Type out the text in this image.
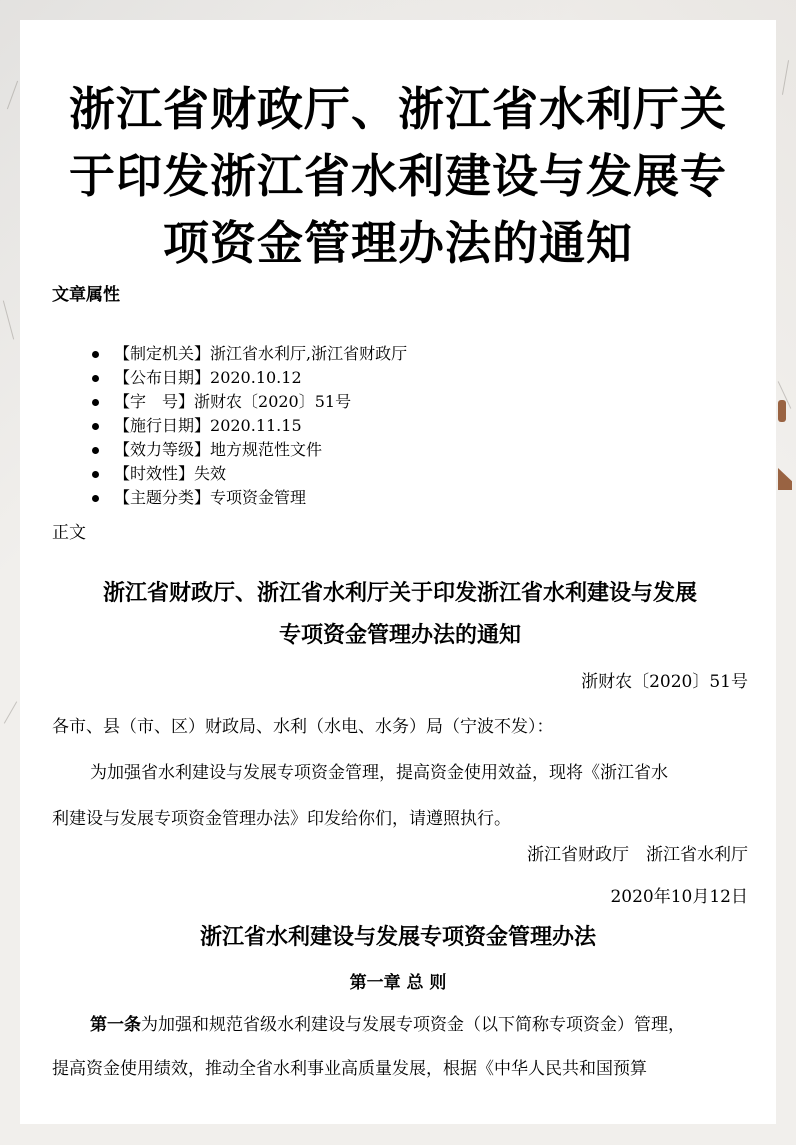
浙江省财政厅、浙江省水利厅关
于印发浙江省水利建设与发展专
项资金管理办法的通知
文章属性
【制定机关】浙江省水利厅,浙江省财政厅
【公布日期】2020.10.12
【字　号】浙财农〔2020〕51号
【施行日期】2020.11.15
【效力等级】地方规范性文件
【时效性】失效
【主题分类】专项资金管理
正文
浙江省财政厅、浙江省水利厅关于印发浙江省水利建设与发展
专项资金管理办法的通知
浙财农〔2020〕51号
各市、县（市、区）财政局、水利（水电、水务）局（宁波不发）：
为加强省水利建设与发展专项资金管理，提高资金使用效益，现将《浙江省水
利建设与发展专项资金管理办法》印发给你们，请遵照执行。
浙江省财政厅　浙江省水利厅
2020年10月12日
浙江省水利建设与发展专项资金管理办法
第一章 总 则
第一条为加强和规范省级水利建设与发展专项资金（以下简称专项资金）管理，
提高资金使用绩效，推动全省水利事业高质量发展，根据《中华人民共和国预算
